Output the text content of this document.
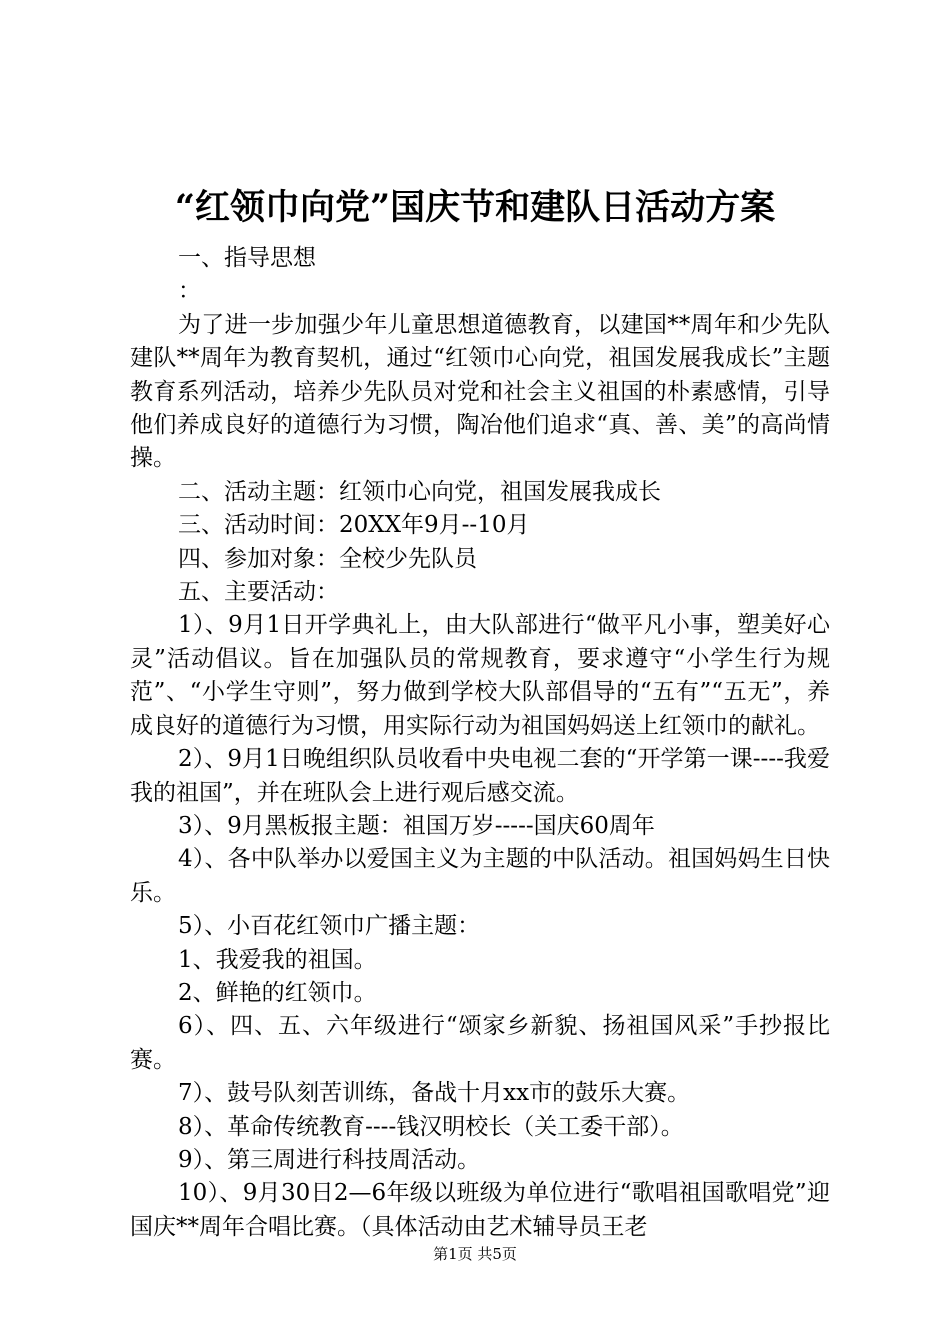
“红领巾向党”国庆节和建队日活动方案

一、指导思想

：

为了进一步加强少年儿童思想道德教育，以建国**周年和少先队建队**周年为教育契机，通过“红领巾心向党，祖国发展我成长”主题教育系列活动，培养少先队员对党和社会主义祖国的朴素感情，引导他们养成良好的道德行为习惯，陶冶他们追求“真、善、美”的高尚情操。

二、活动主题：红领巾心向党，祖国发展我成长

三、活动时间：20XX年9月--10月

四、参加对象：全校少先队员

五、主要活动：

1）、9月1日开学典礼上，由大队部进行“做平凡小事，塑美好心灵”活动倡议。旨在加强队员的常规教育，要求遵守“小学生行为规范”、“小学生守则”，努力做到学校大队部倡导的“五有”“五无”，养成良好的道德行为习惯，用实际行动为祖国妈妈送上红领巾的献礼。

2）、9月1日晚组织队员收看中央电视二套的“开学第一课----我爱我的祖国”，并在班队会上进行观后感交流。

3）、9月黑板报主题：祖国万岁-----国庆60周年

4）、各中队举办以爱国主义为主题的中队活动。祖国妈妈生日快乐。

5）、小百花红领巾广播主题：

1、我爱我的祖国。

2、鲜艳的红领巾。

6）、四、五、六年级进行“颂家乡新貌、扬祖国风采”手抄报比赛。

7）、鼓号队刻苦训练，备战十月xx市的鼓乐大赛。

8）、革命传统教育----钱汉明校长（关工委干部）。

9）、第三周进行科技周活动。

10）、9月30日2—6年级以班级为单位进行“歌唱祖国歌唱党”迎国庆**周年合唱比赛。（具体活动由艺术辅导员王老

第1页 共5页
